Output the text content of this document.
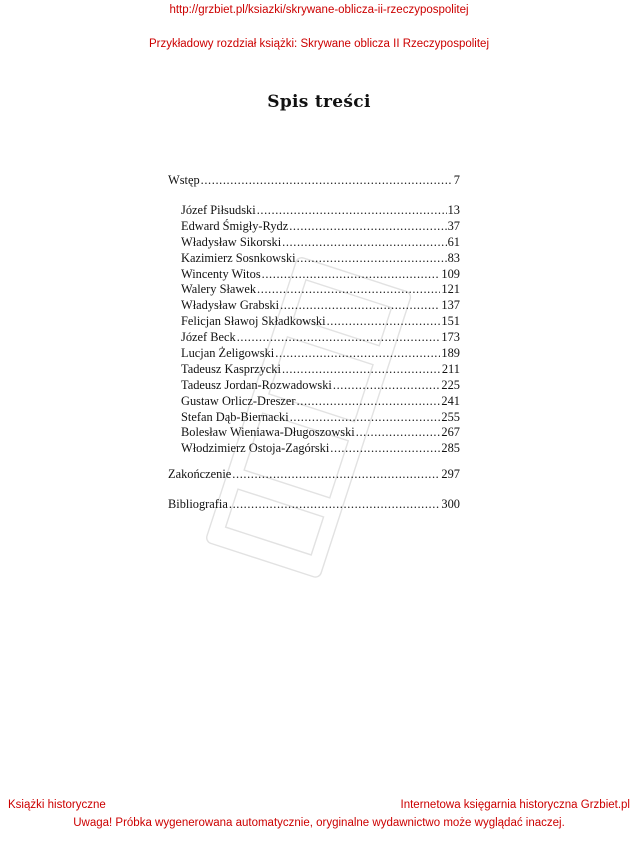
http://grzbiet.pl/ksiazki/skrywane-oblicza-ii-rzeczypospolitej
Przykładowy rozdział książki: Skrywane oblicza II Rzeczypospolitej
Spis treści
Wstęp .....	7
Józef Piłsudski .....	13
Edward Śmigły-Rydz .....	37
Władysław Sikorski .....	61
Kazimierz Sosnkowski .....	83
Wincenty Witos .....	109
Walery Sławek .....	121
Władysław Grabski .....	137
Felicjan Sławoj Składkowski .....	151
Józef Beck .....	173
Lucjan Żeligowski .....	189
Tadeusz Kasprzycki .....	211
Tadeusz Jordan-Rozwadowski .....	225
Gustaw Orlicz-Dreszer .....	241
Stefan Dąb-Biernacki .....	255
Bolesław Wieniawa-Długoszowski .....	267
Włodzimierz Ostoja-Zagórski .....	285
Zakończenie .....	297
Bibliografia .....	300
Książki historyczne	Internetowa księgarnia historyczna Grzbiet.pl
Uwaga! Próbka wygenerowana automatycznie, oryginalne wydawnictwo może wyglądać inaczej.
